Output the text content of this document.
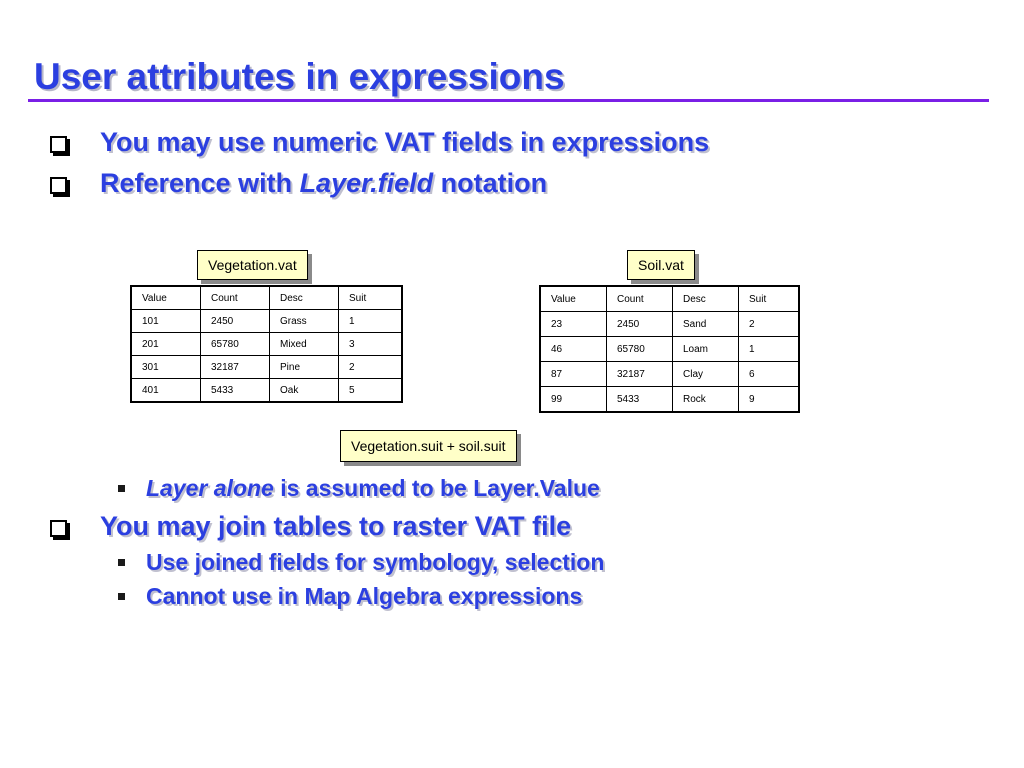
User attributes in expressions
You may use numeric VAT fields in expressions
Reference with Layer.field notation
Vegetation.vat	Soil.vat
Value	Count	Desc	Suit
101	2450	Grass	1
201	65780	Mixed	3
301	32187	Pine	2
401	5433	Oak	5
Value	Count	Desc	Suit
23	2450	Sand	2
46	65780	Loam	1
87	32187	Clay	6
99	5433	Rock	9
Vegetation.suit + soil.suit
Layer alone is assumed to be Layer.Value
You may join tables to raster VAT file
Use joined fields for symbology, selection
Cannot use in Map Algebra expressions
